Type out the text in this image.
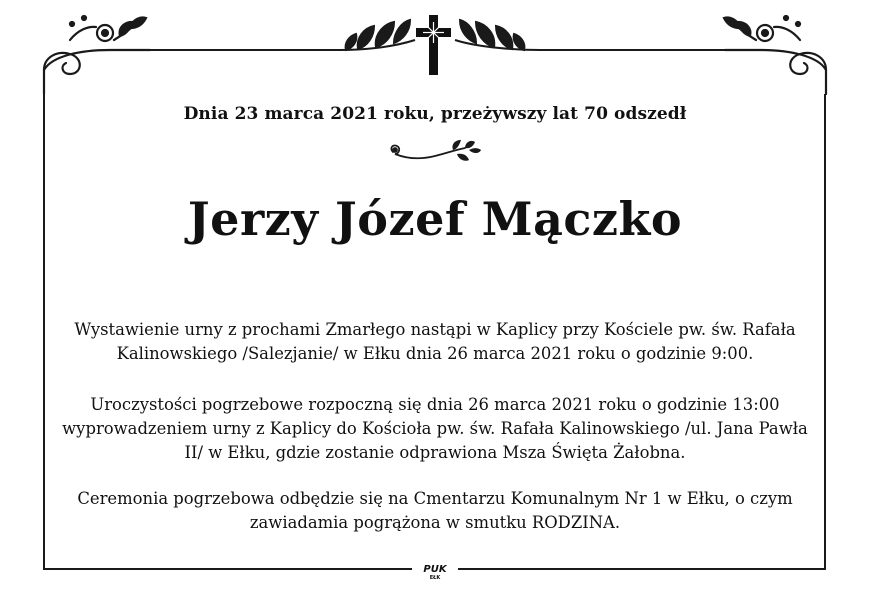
Dnia 23 marca 2021 roku, przeżywszy lat 70 odszedł
Jerzy Józef Mączko

Wystawienie urny z prochami Zmarłego nastąpi w Kaplicy przy Kościele pw. św. Rafała Kalinowskiego /Salezjanie/ w Ełku dnia 26 marca 2021 roku o godzinie 9:00.

Uroczystości pogrzebowe rozpoczną się dnia 26 marca 2021 roku o godzinie 13:00 wyprowadzeniem urny z Kaplicy do Kościoła pw. św. Rafała Kalinowskiego /ul. Jana Pawła II/ w Ełku, gdzie zostanie odprawiona Msza Święta Żałobna.

Ceremonia pogrzebowa odbędzie się na Cmentarzu Komunalnym Nr 1 w Ełku, o czym zawiadamia pogrążona w smutku RODZINA.

PUK
EŁK
